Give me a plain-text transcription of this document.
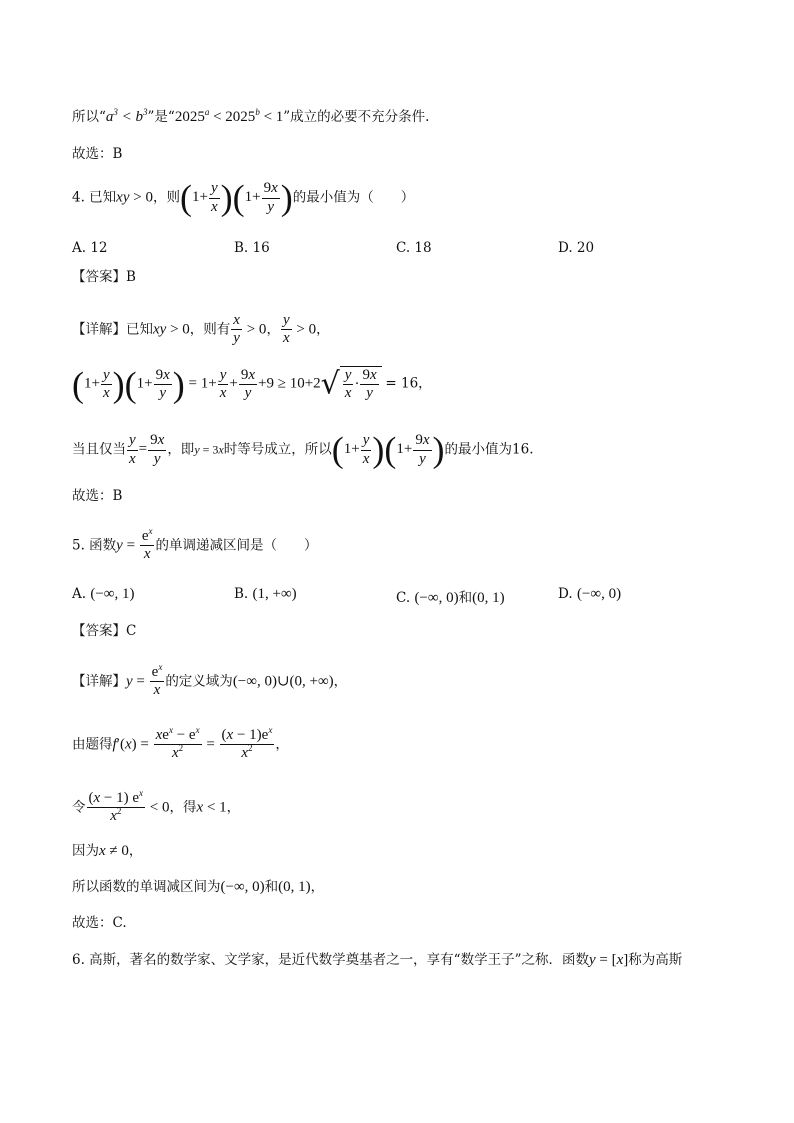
所以“$a^3 < b^3$”是“$2025^a < 2025^b < 1$”成立的必要不充分条件.
故选：B
4. 已知xy > 0，则$(1+ \frac{y}{x} )(1+ \frac{9x}{y}$ )的最小值为（　　）
A. 12	B. 16	C. 18	D. 20
【答案】B
【详解】已知xy > 0，则有 $\frac{x}{y} > 0$， $\frac{y}{x} > 0$，
$(1+ \frac{y}{x} )(1+ \frac{9x}{y}$ ) = $1+ \frac{y}{x} + \frac{9x}{y} +9 \ge 10+2√ \frac{y}{x} \cdot \frac{9x}{y} = 16$，
当且仅当 $\frac{y}{x} = \frac{9x}{y}$ ，即y = 3x时等号成立，所以$(1+ \frac{y}{x} )(1+ \frac{9x}{y}$ )的最小值为16.
故选：B
5. 函数$y = \frac{e^x}{x}$ 的单调递减区间是（　　）
A. (−∞, 1)	B. (1, +∞)	C. (−∞, 0)和(0, 1)	D. (−∞, 0)
【答案】C
【详解】$y = \frac{e^x}{x}$ 的定义域为(−∞, 0)∪(0, +∞)，
由题得$f'(x) = \frac{xe^x - e^x}{x^2} = \frac{(x - 1)e^x}{x^2}$ ，
令 $\frac{(x - 1) e^x}{x^2} < 0$，得x < 1，
因为x ≠ 0，
所以函数的单调减区间为(−∞, 0)和(0, 1)，
故选：C.
6. 高斯，著名的数学家、文学家，是近代数学奠基者之一，享有“数学王子”之称．函数y = [x]称为高斯
